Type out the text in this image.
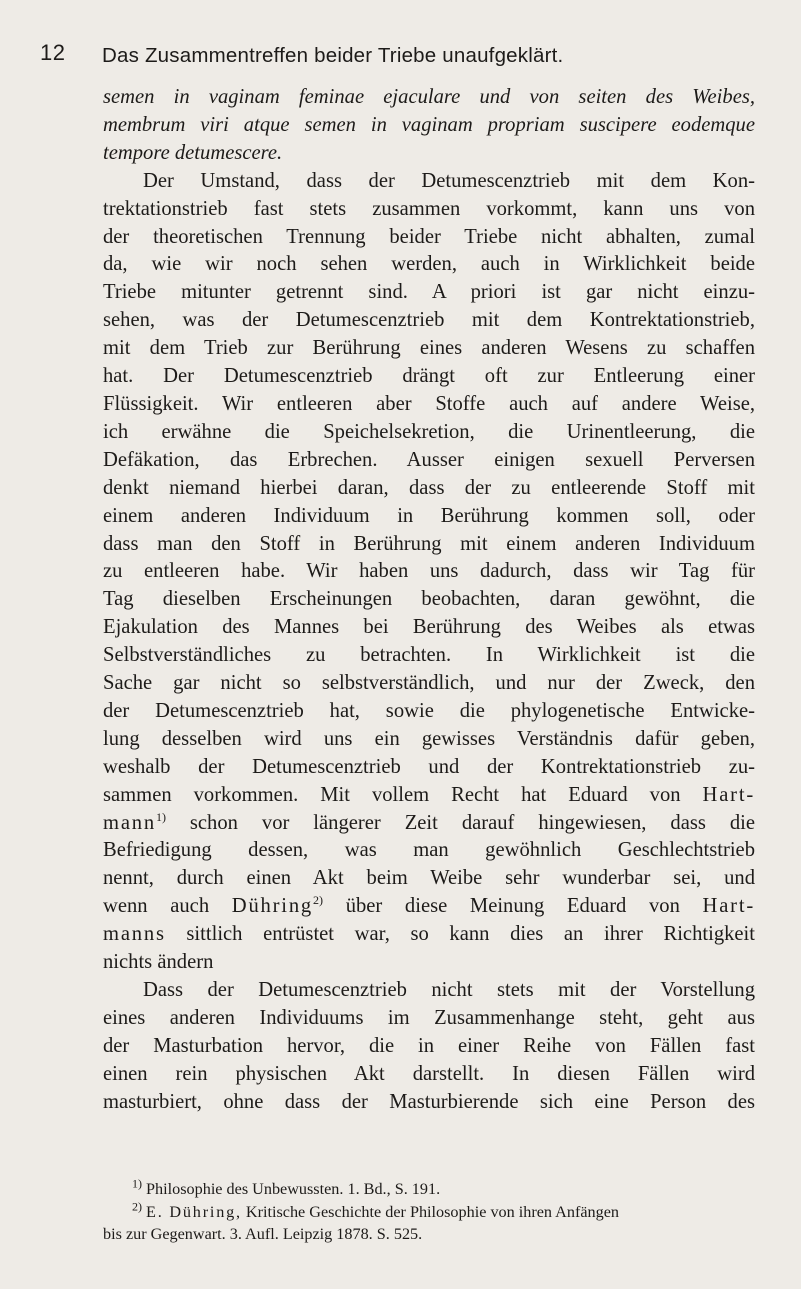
12 Das Zusammentreffen beider Triebe unaufgeklärt.
semen in vaginam feminae ejaculare und von seiten des Weibes,
membrum viri atque semen in vaginam propriam suscipere eodemque
tempore detumescere.
Der Umstand, dass der Detumescenztrieb mit dem Kon-
trektationstrieb fast stets zusammen vorkommt, kann uns von
der theoretischen Trennung beider Triebe nicht abhalten, zumal
da, wie wir noch sehen werden, auch in Wirklichkeit beide
Triebe mitunter getrennt sind. A priori ist gar nicht einzu-
sehen, was der Detumescenztrieb mit dem Kontrektationstrieb,
mit dem Trieb zur Berührung eines anderen Wesens zu schaffen
hat. Der Detumescenztrieb drängt oft zur Entleerung einer
Flüssigkeit. Wir entleeren aber Stoffe auch auf andere Weise,
ich erwähne die Speichelsekretion, die Urinentleerung, die
Defäkation, das Erbrechen. Ausser einigen sexuell Perversen
denkt niemand hierbei daran, dass der zu entleerende Stoff mit
einem anderen Individuum in Berührung kommen soll, oder
dass man den Stoff in Berührung mit einem anderen Individuum
zu entleeren habe. Wir haben uns dadurch, dass wir Tag für
Tag dieselben Erscheinungen beobachten, daran gewöhnt, die
Ejakulation des Mannes bei Berührung des Weibes als etwas
Selbstverständliches zu betrachten. In Wirklichkeit ist die
Sache gar nicht so selbstverständlich, und nur der Zweck, den
der Detumescenztrieb hat, sowie die phylogenetische Entwicke-
lung desselben wird uns ein gewisses Verständnis dafür geben,
weshalb der Detumescenztrieb und der Kontrektationstrieb zu-
sammen vorkommen. Mit vollem Recht hat Eduard von Hart-
mann$^{1)}$ schon vor längerer Zeit darauf hingewiesen, dass die
Befriedigung dessen, was man gewöhnlich Geschlechtstrieb
nennt, durch einen Akt beim Weibe sehr wunderbar sei, und
wenn auch Dühring$^{2)}$ über diese Meinung Eduard von Hart-
manns sittlich entrüstet war, so kann dies an ihrer Richtigkeit
nichts ändern
Dass der Detumescenztrieb nicht stets mit der Vorstellung
eines anderen Individuums im Zusammenhange steht, geht aus
der Masturbation hervor, die in einer Reihe von Fällen fast
einen rein physischen Akt darstellt. In diesen Fällen wird
masturbiert, ohne dass der Masturbierende sich eine Person des
$^{1)}$ Philosophie des Unbewussten. 1. Bd., S. 191.
$^{2)}$ E. Dühring, Kritische Geschichte der Philosophie von ihren Anfängen
bis zur Gegenwart. 3. Aufl. Leipzig 1878. S. 525.
